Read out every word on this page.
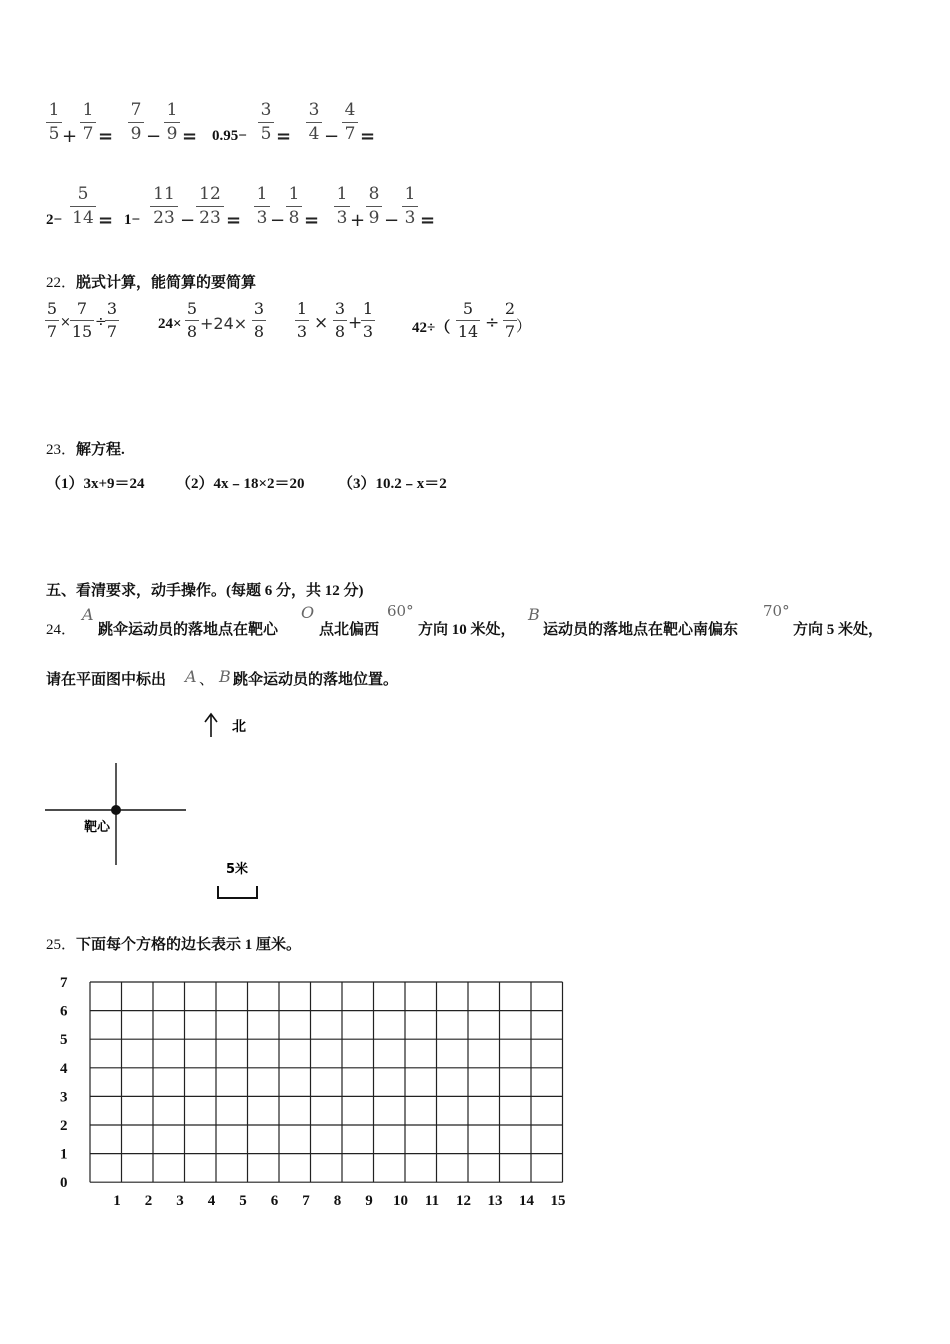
1
5 +
1
7 =
7
9 −
1
9 = 0.95−
3
5 =
3
4 −
4
7 =
2−
5
14 = 1−
11
23 −
12
23 =
1
3 −
1
8 =
1
3 +
8
9 −
1
3 =
22．脱式计算，能简算的要简算
5
7 ×
7
15 ÷
3
7	24×
5
8 +24×
3
8
1
3 ×
3
8 +
1
3	42÷（
5
14 ÷
2
7 ）
23．解方程.
（1）3x+9＝24 （2）4x﹣18×2＝20 （3）10.2﹣x＝2
五、看清要求，动手操作。(每题 6 分，共 12 分)
24．
A
跳伞运动员的落地点在靶心
O
点北偏西
60°
方向 10 米处，
B
运动员的落地点在靶心南偏东
70°
方向 5 米处，
请在平面图中标出 A 、 B 跳伞运动员的落地位置。
北
靶心
5米
25．下面每个方格的边长表示 1 厘米。
7
6
5
4
3
2
1
0
1 2 3 4 5 6 7 8 9 10 11 12 13 14 15
